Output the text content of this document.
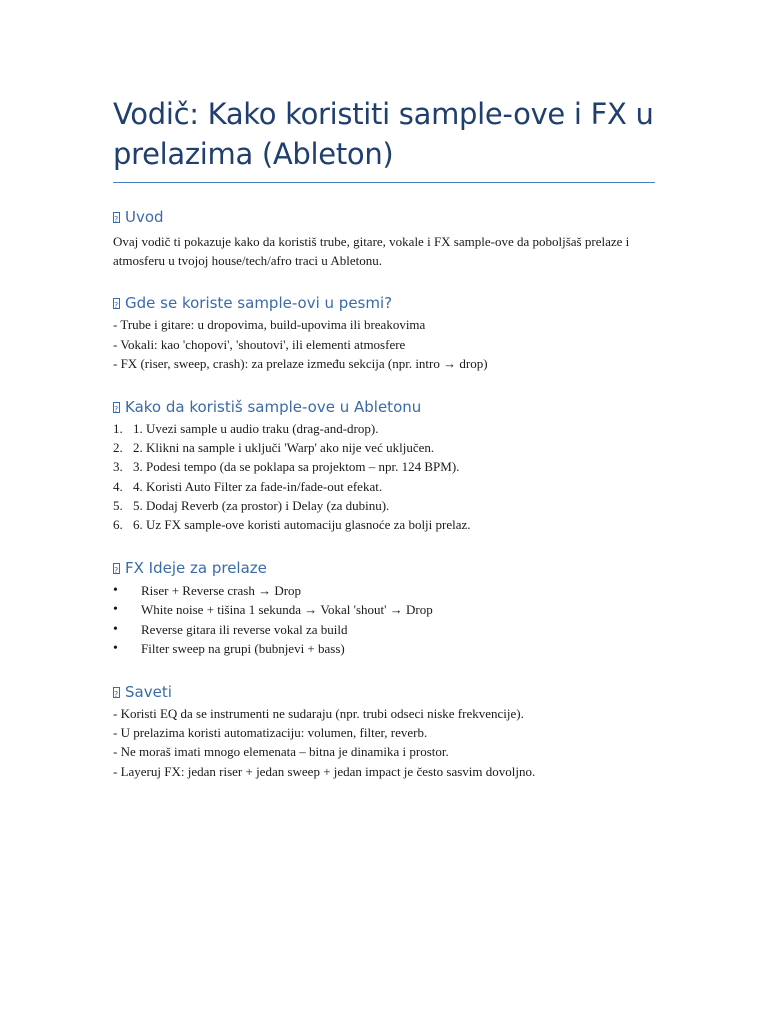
Vodič: Kako koristiti sample-ove i FX u prelazima (Ableton)
?
Uvod

Ovaj vodič ti pokazuje kako da koristiš trube, gitare, vokale i FX sample-ove da poboljšaš prelaze i atmosferu u tvojoj house/tech/afro traci u Abletonu.

?
Gde se koriste sample-ovi u pesmi?

- Trube i gitare: u dropovima, build-upovima ili breakovima

- Vokali: kao 'chopovi', 'shoutovi', ili elementi atmosfere

- FX (riser, sweep, crash): za prelaze između sekcija (npr. intro → drop)

?
Kako da koristiš sample-ove u Abletonu
1. 1. Uvezi sample u audio traku (drag-and-drop).
2. 2. Klikni na sample i uključi 'Warp' ako nije već uključen.
3. 3. Podesi tempo (da se poklapa sa projektom – npr. 124 BPM).
4. 4. Koristi Auto Filter za fade-in/fade-out efekat.
5. 5. Dodaj Reverb (za prostor) i Delay (za dubinu).
6. 6. Uz FX sample-ove koristi automaciju glasnoće za bolji prelaz.
?
FX Ideje za prelaze
•	Riser + Reverse crash → Drop
•	White noise + tišina 1 sekunda → Vokal 'shout' → Drop
•	Reverse gitara ili reverse vokal za build
•	Filter sweep na grupi (bubnjevi + bass)
?
Saveti

- Koristi EQ da se instrumenti ne sudaraju (npr. trubi odseci niske frekvencije).

- U prelazima koristi automatizaciju: volumen, filter, reverb.

- Ne moraš imati mnogo elemenata – bitna je dinamika i prostor.

- Layeruj FX: jedan riser + jedan sweep + jedan impact je često sasvim dovoljno.
